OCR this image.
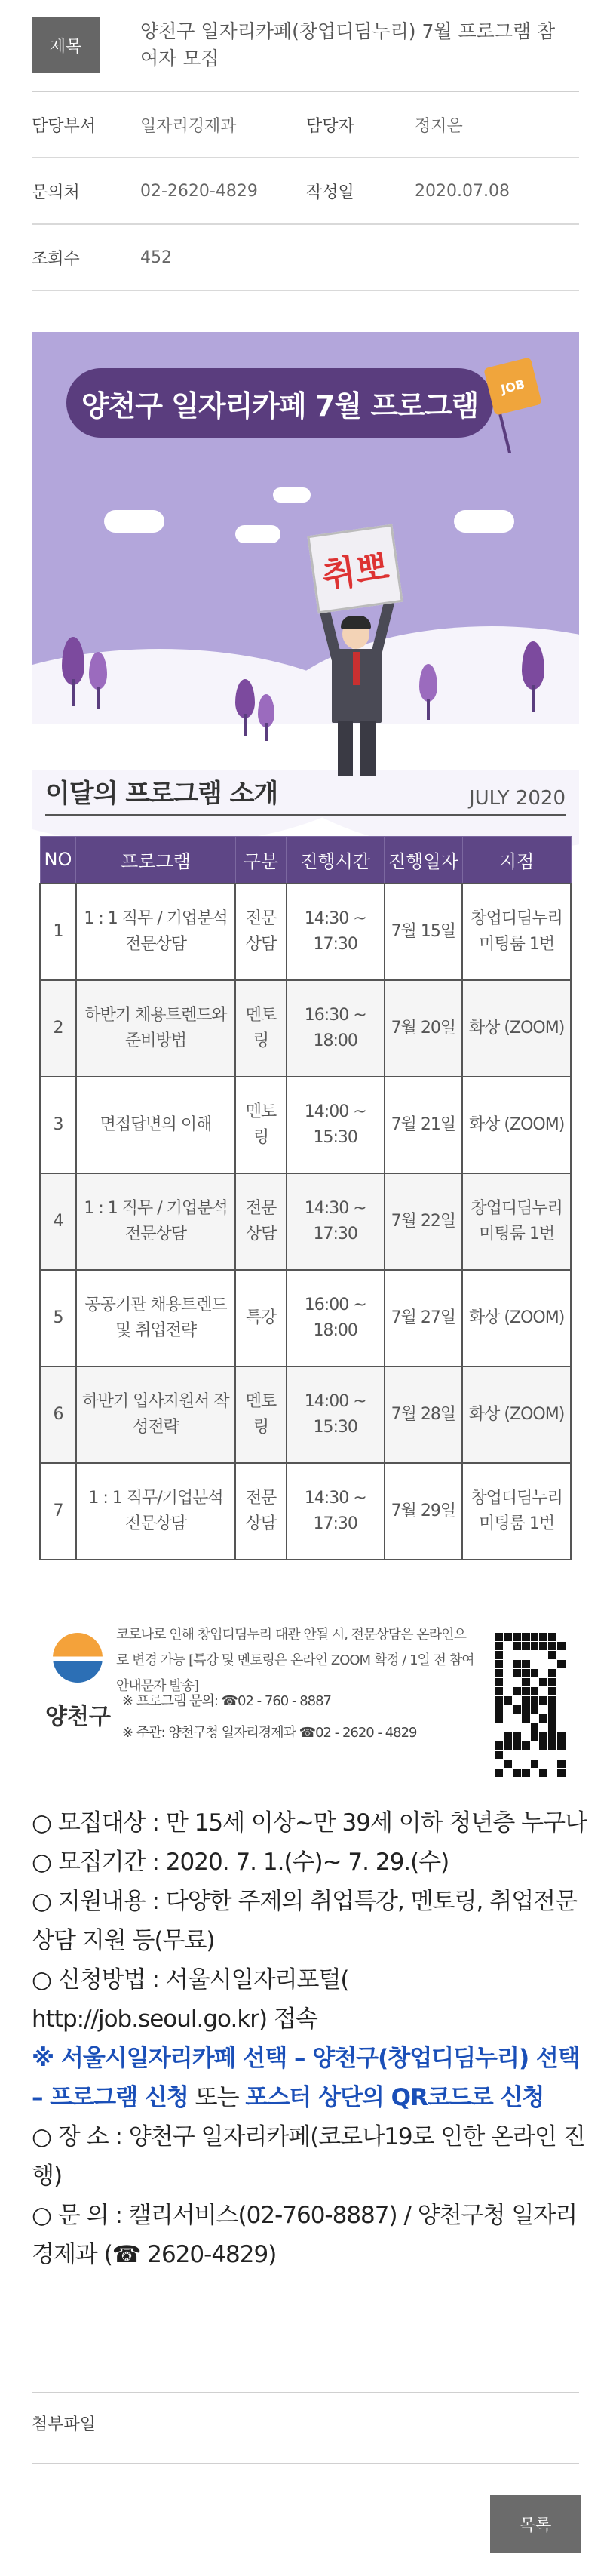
제목
양천구 일자리카페(창업디딤누리) 7월 프로그램 참여자 모집
담당부서	일자리경제과	담당자	정지은
문의처	02-2620-4829	작성일	2020.07.08
조회수	452
양천구 일자리카페 7월 프로그램
JOB
취뽀
이달의 프로그램 소개	JULY 2020
NO	프로그램	구분	진행시간	진행일자	지점
1	1 : 1 직무 / 기업분석 전문상담	전문 상담	14:30 ~ 17:30	7월 15일	창업디딤누리 미팅룸 1번
2	하반기 채용트렌드와 준비방법	멘토링	16:30 ~ 18:00	7월 20일	화상 (ZOOM)
3	면접답변의 이해	멘토링	14:00 ~ 15:30	7월 21일	화상 (ZOOM)
4	1 : 1 직무 / 기업분석 전문상담	전문 상담	14:30 ~ 17:30	7월 22일	창업디딤누리 미팅룸 1번
5	공공기관 채용트렌드 및 취업전략	특강	16:00 ~ 18:00	7월 27일	화상 (ZOOM)
6	하반기 입사지원서 작성전략	멘토링	14:00 ~ 15:30	7월 28일	화상 (ZOOM)
7	1 : 1 직무/기업분석 전문상담	전문 상담	14:30 ~ 17:30	7월 29일	창업디딤누리 미팅룸 1번
양천구
코로나로 인해 창업디딤누리 대관 안될 시, 전문상담은 온라인으로 변경 가능 [특강 및 멘토링은 온라인 ZOOM 확정 / 1일 전 참여 안내문자 발송]
※ 프로그램 문의: ☎02 - 760 - 8887
※ 주관: 양천구청 일자리경제과 ☎02 - 2620 - 4829

○ 모집대상 : 만 15세 이상~만 39세 이하 청년층 누구나

○ 모집기간 : 2020. 7. 1.(수)~ 7. 29.(수)

○ 지원내용 : 다양한 주제의 취업특강, 멘토링, 취업전문상담 지원 등(무료)

○ 신청방법 : 서울시일자리포털( http://job.seoul.go.kr) 접속

※ 서울시일자리카페 선택 – 양천구(창업디딤누리) 선택 – 프로그램 신청 또는 포스터 상단의 QR코드로 신청

○ 장 소 : 양천구 일자리카페(코로나19로 인한 온라인 진행)

○ 문 의 : 캘리서비스(02-760-8887) / 양천구청 일자리경제과 (☎ 2620-4829)

첨부파일
목록
